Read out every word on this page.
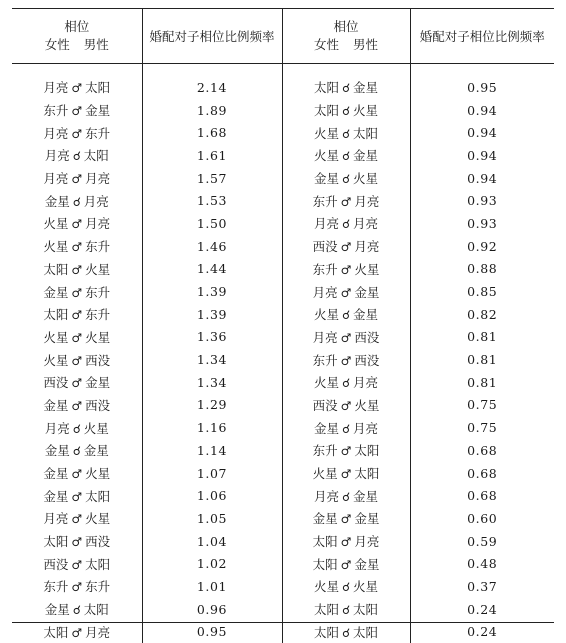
相位
女性 男性	婚配对子相位比例频率	相位
女性 男性	婚配对子相位比例频率

月亮 ♂ 太阳	2.14	太阳 ☌ 金星	0.95
东升 ♂ 金星	1.89	太阳 ☌ 火星	0.94
月亮 ♂ 东升	1.68	火星 ☌ 太阳	0.94
月亮 ☌ 太阳	1.61	火星 ☌ 金星	0.94
月亮 ♂ 月亮	1.57	金星 ☌ 火星	0.94
金星 ☌ 月亮	1.53	东升 ♂ 月亮	0.93
火星 ♂ 月亮	1.50	月亮 ☌ 月亮	0.93
火星 ♂ 东升	1.46	西没 ♂ 月亮	0.92
太阳 ♂ 火星	1.44	东升 ♂ 火星	0.88
金星 ♂ 东升	1.39	月亮 ♂ 金星	0.85
太阳 ♂ 东升	1.39	火星 ☌ 金星	0.82
火星 ♂ 火星	1.36	月亮 ♂ 西没	0.81
火星 ♂ 西没	1.34	东升 ♂ 西没	0.81
西没 ♂ 金星	1.34	火星 ☌ 月亮	0.81
金星 ♂ 西没	1.29	西没 ♂ 火星	0.75
月亮 ☌ 火星	1.16	金星 ☌ 月亮	0.75
金星 ☌ 金星	1.14	东升 ♂ 太阳	0.68
金星 ♂ 火星	1.07	火星 ♂ 太阳	0.68
金星 ♂ 太阳	1.06	月亮 ☌ 金星	0.68
月亮 ♂ 火星	1.05	金星 ♂ 金星	0.60
太阳 ♂ 西没	1.04	太阳 ♂ 月亮	0.59
西没 ♂ 太阳	1.02	太阳 ♂ 金星	0.48
东升 ♂ 东升	1.01	火星 ☌ 火星	0.37
金星 ☌ 太阳	0.96	太阳 ☌ 太阳	0.24
太阳 ♂ 月亮	0.95	太阳 ☌ 太阳	0.24
